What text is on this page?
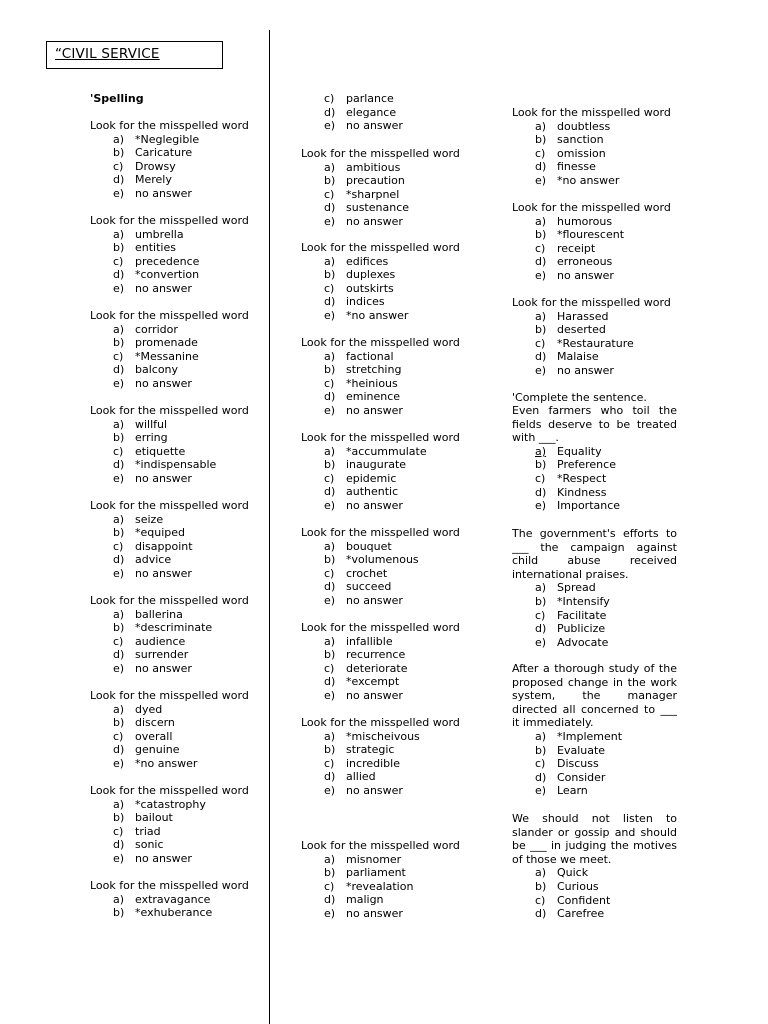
“CIVIL SERVICE
'Spelling
Look for the misspelled word
a) *Neglegible
b) Caricature
c) Drowsy
d) Merely
e) no answer
Look for the misspelled word
a) umbrella
b) entities
c) precedence
d) *convertion
e) no answer
Look for the misspelled word
a) corridor
b) promenade
c) *Messanine
d) balcony
e) no answer
Look for the misspelled word
a) willful
b) erring
c) etiquette
d) *indispensable
e) no answer
Look for the misspelled word
a) seize
b) *equiped
c) disappoint
d) advice
e) no answer
Look for the misspelled word
a) ballerina
b) *descriminate
c) audience
d) surrender
e) no answer
Look for the misspelled word
a) dyed
b) discern
c) overall
d) genuine
e) *no answer
Look for the misspelled word
a) *catastrophy
b) bailout
c) triad
d) sonic
e) no answer
Look for the misspelled word
a) extravagance
b) *exhuberance
c) parlance
d) elegance
e) no answer
Look for the misspelled word
a) ambitious
b) precaution
c) *sharpnel
d) sustenance
e) no answer
Look for the misspelled word
a) edifices
b) duplexes
c) outskirts
d) indices
e) *no answer
Look for the misspelled word
a) factional
b) stretching
c) *heinious
d) eminence
e) no answer
Look for the misspelled word
a) *accummulate
b) inaugurate
c) epidemic
d) authentic
e) no answer
Look for the misspelled word
a) bouquet
b) *volumenous
c) crochet
d) succeed
e) no answer
Look for the misspelled word
a) infallible
b) recurrence
c) deteriorate
d) *excempt
e) no answer
Look for the misspelled word
a) *mischeivous
b) strategic
c) incredible
d) allied
e) no answer
Look for the misspelled word
a) misnomer
b) parliament
c) *revealation
d) malign
e) no answer
Look for the misspelled word
a) doubtless
b) sanction
c) omission
d) finesse
e) *no answer
Look for the misspelled word
a) humorous
b) *flourescent
c) receipt
d) erroneous
e) no answer
Look for the misspelled word
a) Harassed
b) deserted
c) *Restaurature
d) Malaise
e) no answer
'Complete the sentence.
Even farmers who toil the
fields deserve to be treated
with ___.
a) Equality
b) Preference
c) *Respect
d) Kindness
e) Importance
The government's efforts to
___ the campaign against
child abuse received
international praises.
a) Spread
b) *Intensify
c) Facilitate
d) Publicize
e) Advocate
After a thorough study of the
proposed change in the work
system, the manager
directed all concerned to ___
it immediately.
a) *Implement
b) Evaluate
c) Discuss
d) Consider
e) Learn
We should not listen to
slander or gossip and should
be ___ in judging the motives
of those we meet.
a) Quick
b) Curious
c) Confident
d) Carefree
